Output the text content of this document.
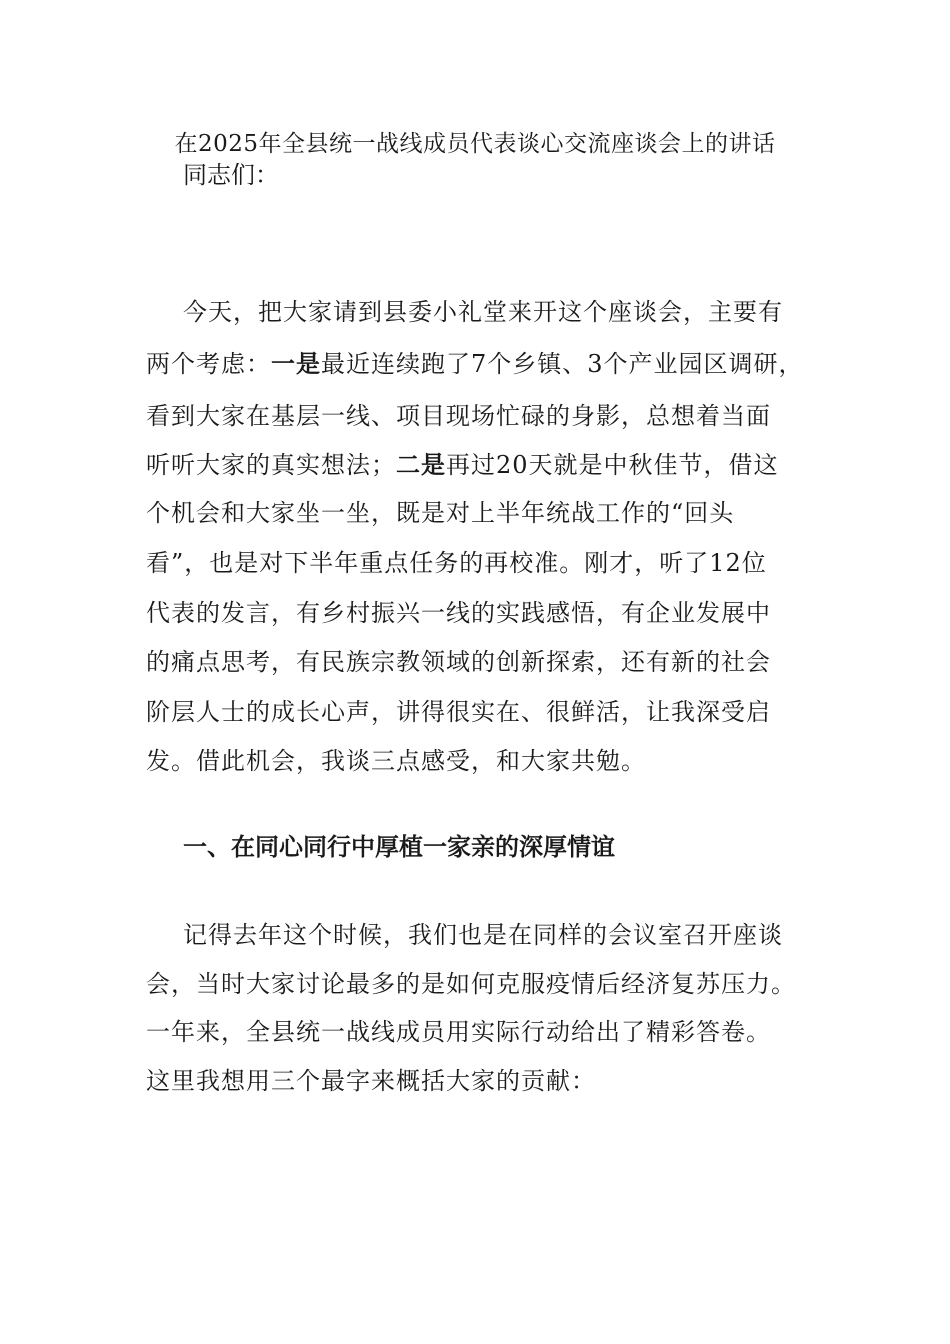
在2025年全县统一战线成员代表谈心交流座谈会上的讲话
同志们：
今天，把大家请到县委小礼堂来开这个座谈会，主要有
两个考虑：一是最近连续跑了7个乡镇、3个产业园区调研，
看到大家在基层一线、项目现场忙碌的身影，总想着当面
听听大家的真实想法；二是再过20天就是中秋佳节，借这
个机会和大家坐一坐，既是对上半年统战工作的“回头
看”，也是对下半年重点任务的再校准。刚才，听了12位
代表的发言，有乡村振兴一线的实践感悟，有企业发展中
的痛点思考，有民族宗教领域的创新探索，还有新的社会
阶层人士的成长心声，讲得很实在、很鲜活，让我深受启
发。借此机会，我谈三点感受，和大家共勉。
一、在同心同行中厚植一家亲的深厚情谊
记得去年这个时候，我们也是在同样的会议室召开座谈
会，当时大家讨论最多的是如何克服疫情后经济复苏压力。
一年来，全县统一战线成员用实际行动给出了精彩答卷。
这里我想用三个最字来概括大家的贡献：
